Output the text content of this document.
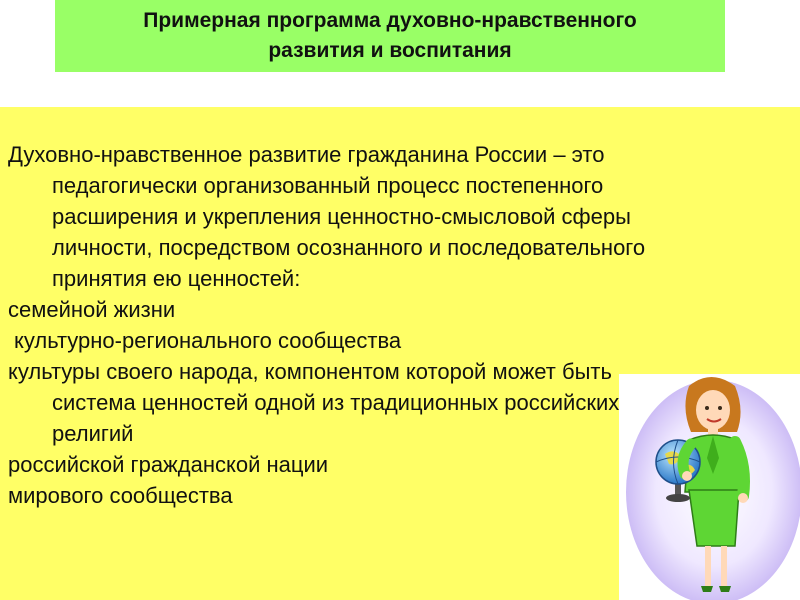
Примерная программа духовно-нравственного
развития и воспитания
Духовно-нравственное развитие гражданина России – это
педагогически организованный процесс постепенного
расширения и укрепления ценностно-смысловой сферы
личности, посредством осознанного и последовательного
принятия ею ценностей:
семейной жизни
культурно-регионального сообщества
культуры своего народа, компонентом которой может быть
система ценностей одной из традиционных российских
религий
российской гражданской нации
мирового сообщества
